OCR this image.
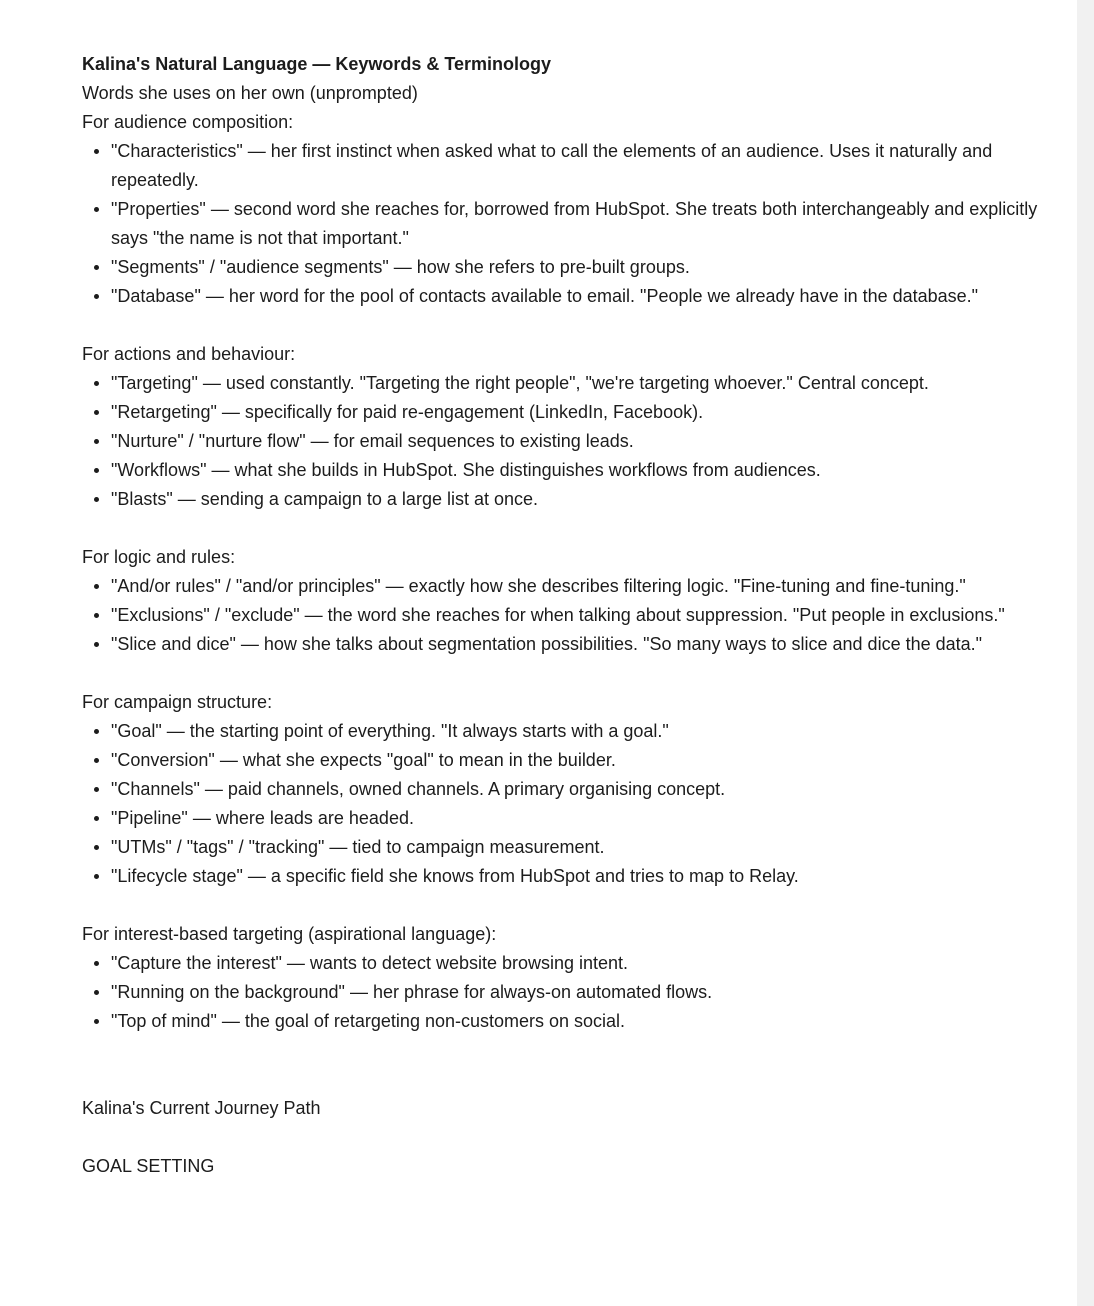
Kalina's Natural Language — Keywords & Terminology

Words she uses on her own (unprompted)

For audience composition:

"Characteristics" — her first instinct when asked what to call the elements of an audience. Uses it naturally and repeatedly.
"Properties" — second word she reaches for, borrowed from HubSpot. She treats both interchangeably and explicitly says "the name is not that important."
"Segments" / "audience segments" — how she refers to pre-built groups.
"Database" — her word for the pool of contacts available to email. "People we already have in the database."

For actions and behaviour:

"Targeting" — used constantly. "Targeting the right people", "we're targeting whoever." Central concept.
"Retargeting" — specifically for paid re-engagement (LinkedIn, Facebook).
"Nurture" / "nurture flow" — for email sequences to existing leads.
"Workflows" — what she builds in HubSpot. She distinguishes workflows from audiences.
"Blasts" — sending a campaign to a large list at once.

For logic and rules:

"And/or rules" / "and/or principles" — exactly how she describes filtering logic. "Fine-tuning and fine-tuning."
"Exclusions" / "exclude" — the word she reaches for when talking about suppression. "Put people in exclusions."
"Slice and dice" — how she talks about segmentation possibilities. "So many ways to slice and dice the data."

For campaign structure:

"Goal" — the starting point of everything. "It always starts with a goal."
"Conversion" — what she expects "goal" to mean in the builder.
"Channels" — paid channels, owned channels. A primary organising concept.
"Pipeline" — where leads are headed.
"UTMs" / "tags" / "tracking" — tied to campaign measurement.
"Lifecycle stage" — a specific field she knows from HubSpot and tries to map to Relay.

For interest-based targeting (aspirational language):

"Capture the interest" — wants to detect website browsing intent.
"Running on the background" — her phrase for always-on automated flows.
"Top of mind" — the goal of retargeting non-customers on social.

Kalina's Current Journey Path

GOAL SETTING
